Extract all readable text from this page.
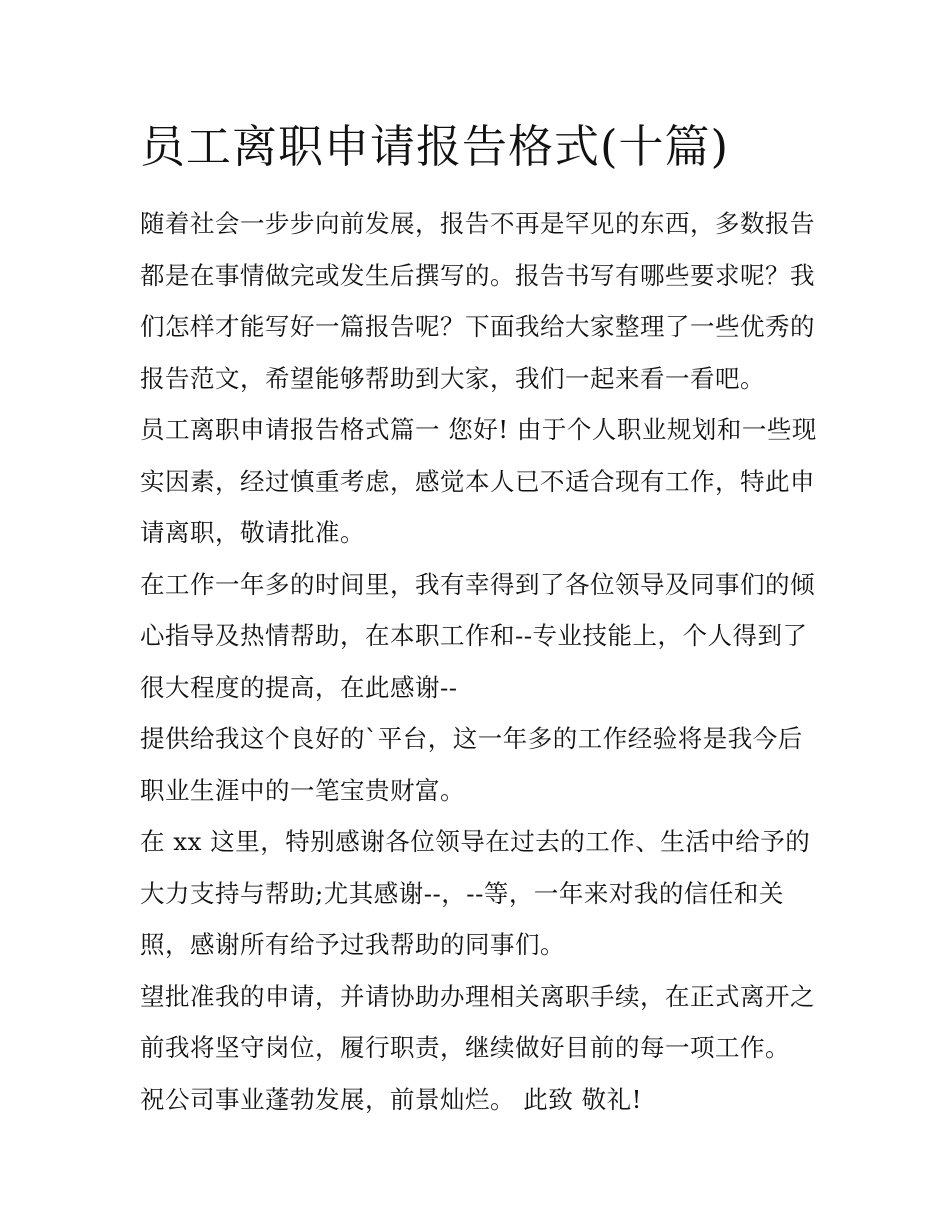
员工离职申请报告格式(十篇)
随着社会一步步向前发展，报告不再是罕见的东西，多数报告
都是在事情做完或发生后撰写的。报告书写有哪些要求呢？我
们怎样才能写好一篇报告呢？下面我给大家整理了一些优秀的
报告范文，希望能够帮助到大家，我们一起来看一看吧。
员工离职申请报告格式篇一 您好! 由于个人职业规划和一些现
实因素，经过慎重考虑，感觉本人已不适合现有工作，特此申
请离职，敬请批准。
在工作一年多的时间里，我有幸得到了各位领导及同事们的倾
心指导及热情帮助，在本职工作和--专业技能上，个人得到了
很大程度的提高，在此感谢--
提供给我这个良好的`平台，这一年多的工作经验将是我今后
职业生涯中的一笔宝贵财富。
在 xx 这里，特别感谢各位领导在过去的工作、生活中给予的
大力支持与帮助;尤其感谢--，--等，一年来对我的信任和关
照，感谢所有给予过我帮助的同事们。
望批准我的申请，并请协助办理相关离职手续，在正式离开之
前我将坚守岗位，履行职责，继续做好目前的每一项工作。
祝公司事业蓬勃发展，前景灿烂。 此致 敬礼!
